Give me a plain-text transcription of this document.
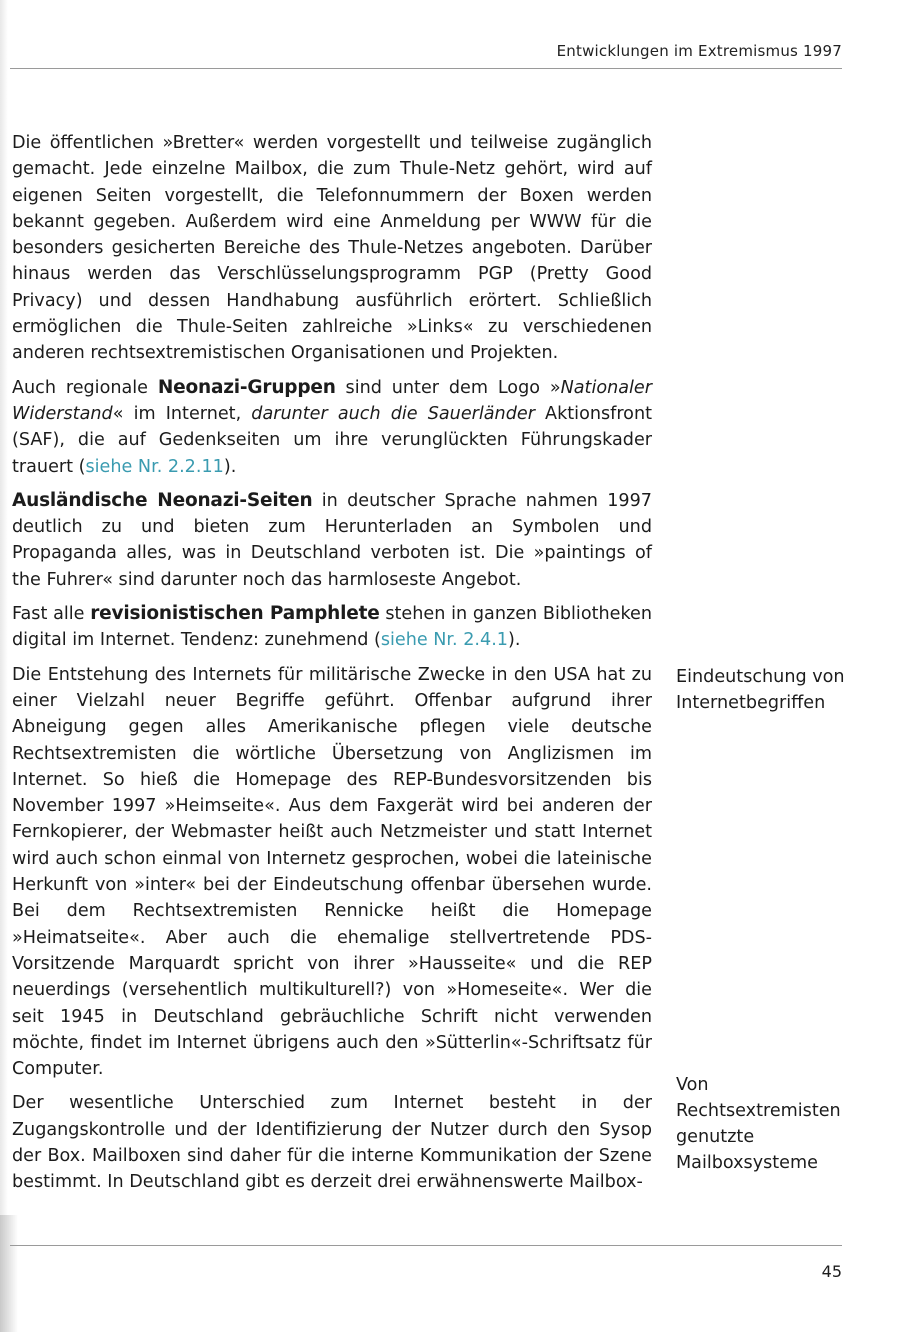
Entwicklungen im Extremismus 1997

Die öffentlichen »Bretter« werden vorgestellt und teilweise zugänglich gemacht. Jede einzelne Mailbox, die zum Thule-Netz gehört, wird auf eigenen Seiten vorgestellt, die Telefonnummern der Boxen werden bekannt gegeben. Außerdem wird eine Anmeldung per WWW für die besonders gesicherten Bereiche des Thule-Netzes angeboten. Darüber hinaus werden das Verschlüsselungsprogramm PGP (Pretty Good Privacy) und dessen Handhabung ausführlich erörtert. Schließlich ermöglichen die Thule-Seiten zahlreiche »Links« zu verschiedenen anderen rechtsextremistischen Organisationen und Projekten.

Auch regionale Neonazi-Gruppen sind unter dem Logo »Nationaler Widerstand« im Internet, darunter auch die Sauerländer Aktionsfront (SAF), die auf Gedenkseiten um ihre verunglückten Führungskader trauert (siehe Nr. 2.2.11).

Ausländische Neonazi-Seiten in deutscher Sprache nahmen 1997 deutlich zu und bieten zum Herunterladen an Symbolen und Propaganda alles, was in Deutschland verboten ist. Die »paintings of the Fuhrer« sind darunter noch das harmloseste Angebot.

Fast alle revisionistischen Pamphlete stehen in ganzen Bibliotheken digital im Internet. Tendenz: zunehmend (siehe Nr. 2.4.1).

Die Entstehung des Internets für militärische Zwecke in den USA hat zu einer Vielzahl neuer Begriffe geführt. Offenbar aufgrund ihrer Abneigung gegen alles Amerikanische pflegen viele deutsche Rechtsextremisten die wörtliche Übersetzung von Anglizismen im Internet. So hieß die Homepage des REP-Bundesvorsitzenden bis November 1997 »Heimseite«. Aus dem Faxgerät wird bei anderen der Fernkopierer, der Webmaster heißt auch Netzmeister und statt Internet wird auch schon einmal von Internetz gesprochen, wobei die lateinische Herkunft von »inter« bei der Eindeutschung offenbar übersehen wurde. Bei dem Rechtsextremisten Rennicke heißt die Homepage »Heimatseite«. Aber auch die ehemalige stellvertretende PDS-Vorsitzende Marquardt spricht von ihrer »Hausseite« und die REP neuerdings (versehentlich multikulturell?) von »Homeseite«. Wer die seit 1945 in Deutschland gebräuchliche Schrift nicht verwenden möchte, findet im Internet übrigens auch den »Sütterlin«-Schriftsatz für Computer.

Der wesentliche Unterschied zum Internet besteht in der Zugangskontrolle und der Identifizierung der Nutzer durch den Sysop der Box. Mailboxen sind daher für die interne Kommunikation der Szene bestimmt. In Deutschland gibt es derzeit drei erwähnenswerte Mailbox-

Eindeutschung von Internetbegriffen
Von Rechtsextremisten genutzte Mailboxsysteme
45
